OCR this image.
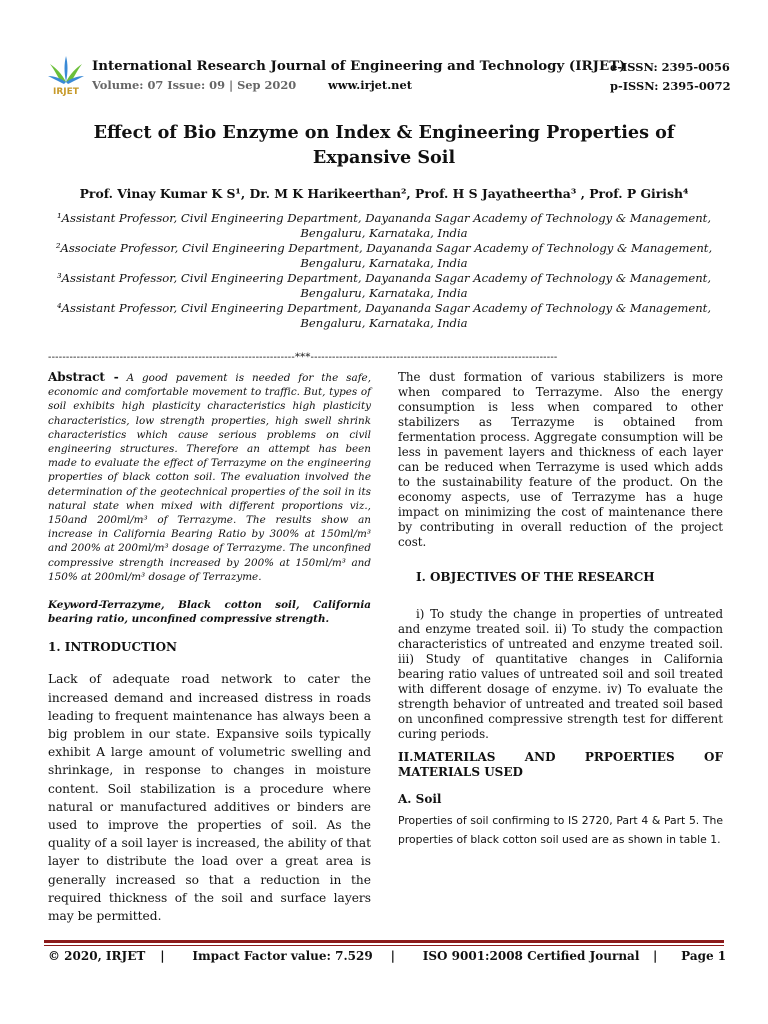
IRJET
International Research Journal of Engineering and Technology (IRJET)
Volume: 07 Issue: 09 | Sep 2020	www.irjet.net
e-ISSN: 2395-0056
p-ISSN: 2395-0072
Effect of Bio Enzyme on Index & Engineering Properties of Expansive Soil
Prof. Vinay Kumar K S¹, Dr. M K Harikeerthan², Prof. H S Jayatheertha³ , Prof. P Girish⁴
¹Assistant Professor, Civil Engineering Department, Dayananda Sagar Academy of Technology & Management,
Bengaluru, Karnataka, India
²Associate Professor, Civil Engineering Department, Dayananda Sagar Academy of Technology & Management,
Bengaluru, Karnataka, India
³Assistant Professor, Civil Engineering Department, Dayananda Sagar Academy of Technology & Management,
Bengaluru, Karnataka, India
⁴Assistant Professor, Civil Engineering Department, Dayananda Sagar Academy of Technology & Management,
Bengaluru, Karnataka, India
---------------------------------------------------------------------***---------------------------------------------------------------------

Abstract - A good pavement is needed for the safe, economic and comfortable movement to traffic. But, types of soil exhibits high plasticity characteristics high plasticity characteristics, low strength properties, high swell shrink characteristics which cause serious problems on civil engineering structures. Therefore an attempt has been made to evaluate the effect of Terrazyme on the engineering properties of black cotton soil. The evaluation involved the determination of the geotechnical properties of the soil in its natural state when mixed with different proportions viz., 150and 200ml/m³ of Terrazyme. The results show an increase in California Bearing Ratio by 300% at 150ml/m³ and 200% at 200ml/m³ dosage of Terrazyme. The unconfined compressive strength increased by 200% at 150ml/m³ and 150% at 200ml/m³ dosage of Terrazyme.

Keyword-Terrazyme, Black cotton soil, California bearing ratio, unconfined compressive strength.

1. INTRODUCTION

Lack of adequate road network to cater the increased demand and increased distress in roads leading to frequent maintenance has always been a big problem in our state. Expansive soils typically exhibit A large amount of volumetric swelling and shrinkage, in response to changes in moisture content. Soil stabilization is a procedure where natural or manufactured additives or binders are used to improve the properties of soil. As the quality of a soil layer is increased, the ability of that layer to distribute the load over a great area is generally increased so that a reduction in the required thickness of the soil and surface layers may be permitted.

The dust formation of various stabilizers is more when compared to Terrazyme. Also the energy consumption is less when compared to other stabilizers as Terrazyme is obtained from fermentation process. Aggregate consumption will be less in pavement layers and thickness of each layer can be reduced when Terrazyme is used which adds to the sustainability feature of the product. On the economy aspects, use of Terrazyme has a huge impact on minimizing the cost of maintenance there by contributing in overall reduction of the project cost.

I. OBJECTIVES OF THE RESEARCH

i) To study the change in properties of untreated and enzyme treated soil. ii) To study the compaction characteristics of untreated and enzyme treated soil. iii) Study of quantitative changes in California bearing ratio values of untreated soil and soil treated with different dosage of enzyme. iv) To evaluate the strength behavior of untreated and treated soil based on unconfined compressive strength test for different curing periods.

II.MATERILAS AND PRPOERTIES OF MATERIALS USED

A. Soil

Properties of soil confirming to IS 2720, Part 4 & Part 5. The properties of black cotton soil used are as shown in table 1.

© 2020, IRJET | Impact Factor value: 7.529 | ISO 9001:2008 Certified Journal | Page 1
